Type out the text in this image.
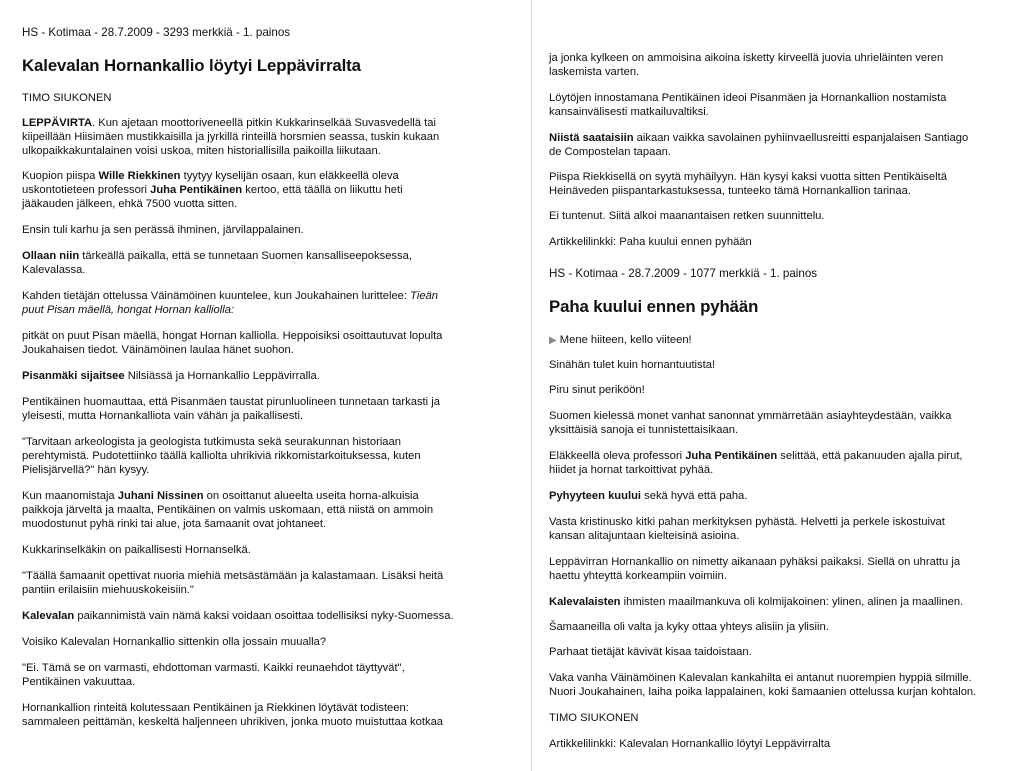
HS - Kotimaa - 28.7.2009 - 3293 merkkiä - 1. painos

Kalevalan Hornankallio löytyi Leppävirralta

TIMO SIUKONEN

LEPPÄVIRTA. Kun ajetaan moottoriveneellä pitkin Kukkarinselkää Suvasvedellä tai

kiipeillään Hiisimäen mustikkaisilla ja jyrkillä rinteillä horsmien seassa, tuskin kukaan

ulkopaikkakuntalainen voisi uskoa, miten historiallisilla paikoilla liikutaan.

Kuopion piispa Wille Riekkinen tyytyy kyselijän osaan, kun eläkkeellä oleva

uskontotieteen professori Juha Pentikäinen kertoo, että täällä on liikuttu heti

jääkauden jälkeen, ehkä 7500 vuotta sitten.

Ensin tuli karhu ja sen perässä ihminen, järvilappalainen.

Ollaan niin tärkeällä paikalla, että se tunnetaan Suomen kansalliseepoksessa,

Kalevalassa.

Kahden tietäjän ottelussa Väinämöinen kuuntelee, kun Joukahainen luritteleе: Tieän

puut Pisan mäellä, hongat Hornan kalliolla:

pitkät on puut Pisan mäellä, hongat Hornan kalliolla. Heppoisiksi osoittautuvat lopulta

Joukahaisen tiedot. Väinämöinen laulaa hänet suohon.

Pisanmäki sijaitsee Nilsiässä ja Hornankallio Leppävirralla.

Pentikäinen huomauttaa, että Pisanmäen taustat pirunluolineen tunnetaan tarkasti ja

yleisesti, mutta Hornankalliota vain vähän ja paikallisesti.

"Tarvitaan arkeologista ja geologista tutkimusta sekä seurakunnan historiaan

perehtymistä. Pudotettiinko täällä kalliolta uhrikiviä rikkomistarkoituksessa, kuten

Pielisjärvellä?" hän kysyy.

Kun maanomistaja Juhani Nissinen on osoittanut alueelta useita horna-alkuisia

paikkoja järveltä ja maalta, Pentikäinen on valmis uskomaan, että niistä on ammoin

muodostunut pyhä rinki tai alue, jota šamaanit ovat johtaneet.

Kukkarinselkäkin on paikallisesti Hornanselkä.

"Täällä šamaanit opettivat nuoria miehiä metsästämään ja kalastamaan. Lisäksi heitä

pantiin erilaisiin miehuuskokeisiin."

Kalevalan paikannimistä vain nämä kaksi voidaan osoittaa todellisiksi nyky-Suomessa.

Voisiko Kalevalan Hornankallio sittenkin olla jossain muualla?

"Ei. Tämä se on varmasti, ehdottoman varmasti. Kaikki reunaehdot täyttyvät",

Pentikäinen vakuuttaa.

Hornankallion rinteitä kolutessaan Pentikäinen ja Riekkinen löytävät todisteen:

sammaleen peittämän, keskeltä haljenneen uhrikiven, jonka muoto muistuttaa kotkaa

ja jonka kylkeen on ammoisina aikoina isketty kirveellä juovia uhrieläinten veren

laskemista varten.

Löytöjen innostamana Pentikäinen ideoi Pisanmäen ja Hornankallion nostamista

kansainvälisesti matkailuvaltiksi.

Niistä saataisiin aikaan vaikka savolainen pyhiinvaellusreitti espanjalaisen Santiago

de Compostelan tapaan.

Piispa Riekkisellä on syytä myhäilyyn. Hän kysyi kaksi vuotta sitten Pentikäiseltä

Heinäveden piispantarkastuksessa, tunteeko tämä Hornankallion tarinaa.

Ei tuntenut. Siitä alkoi maanantaisen retken suunnittelu.

Artikkelilinkki: Paha kuului ennen pyhään

HS - Kotimaa - 28.7.2009 - 1077 merkkiä - 1. painos

Paha kuului ennen pyhään

▶ Mene hiiteen, kello viiteen!

Sinähän tulet kuin hornantuutista!

Piru sinut periköön!

Suomen kielessä monet vanhat sanonnat ymmärretään asiayhteydestään, vaikka

yksittäisiä sanoja ei tunnistettaisikaan.

Eläkkeellä oleva professori Juha Pentikäinen selittää, että pakanuuden ajalla pirut,

hiidet ja hornat tarkoittivat pyhää.

Pyhyyteen kuului sekä hyvä että paha.

Vasta kristinusko kitki pahan merkityksen pyhästä. Helvetti ja perkele iskostuivat

kansan alitajuntaan kielteisinä asioina.

Leppävirran Hornankallio on nimetty aikanaan pyhäksi paikaksi. Siellä on uhrattu ja

haettu yhteyttä korkeampiin voimiin.

Kalevalaisten ihmisten maailmankuva oli kolmijakoinen: ylinen, alinen ja maallinen.

Šamaaneilla oli valta ja kyky ottaa yhteys alisiin ja ylisiin.

Parhaat tietäjät kävivät kisaa taidoistaan.

Vaka vanha Väinämöinen Kalevalan kankahilta ei antanut nuorempien hyppiä silmille.

Nuori Joukahainen, laiha poika lappalainen, koki šamaanien ottelussa kurjan kohtalon.

TIMO SIUKONEN

Artikkelilinkki: Kalevalan Hornankallio löytyi Leppävirralta
